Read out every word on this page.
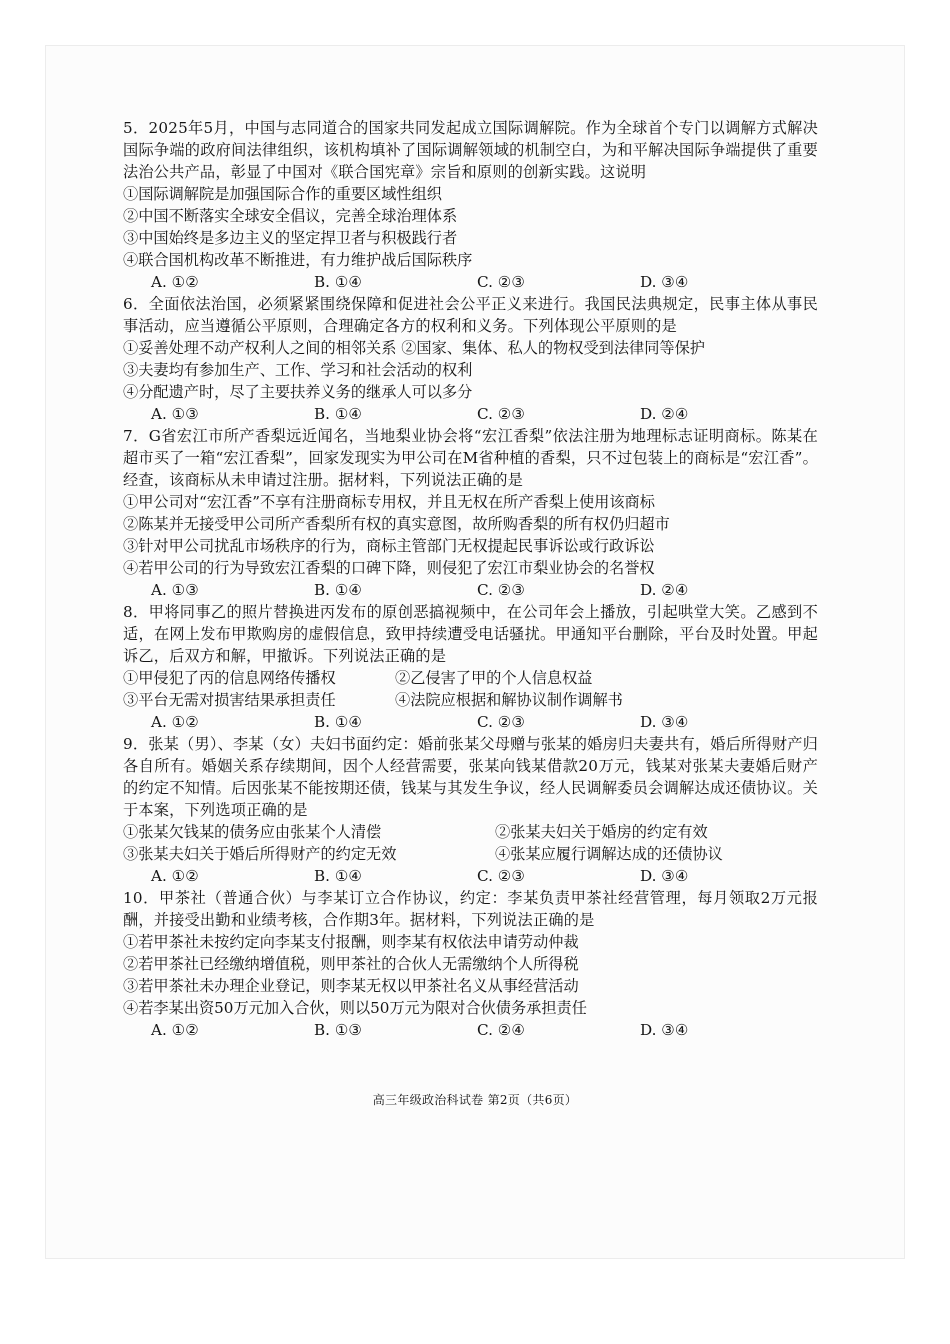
5．2025年5月，中国与志同道合的国家共同发起成立国际调解院。作为全球首个专门以调解方式解决国际争端的政府间法律组织，该机构填补了国际调解领域的机制空白，为和平解决国际争端提供了重要法治公共产品，彰显了中国对《联合国宪章》宗旨和原则的创新实践。这说明

①国际调解院是加强国际合作的重要区域性组织

②中国不断落实全球安全倡议，完善全球治理体系

③中国始终是多边主义的坚定捍卫者与积极践行者

④联合国机构改革不断推进，有力维护战后国际秩序

A. ①②	B. ①④	C. ②③	D. ③④

6．全面依法治国，必须紧紧围绕保障和促进社会公平正义来进行。我国民法典规定，民事主体从事民事活动，应当遵循公平原则，合理确定各方的权利和义务。下列体现公平原则的是

①妥善处理不动产权利人之间的相邻关系 ②国家、集体、私人的物权受到法律同等保护

③夫妻均有参加生产、工作、学习和社会活动的权利

④分配遗产时，尽了主要扶养义务的继承人可以多分

A. ①③	B. ①④	C. ②③	D. ②④

7．G省宏江市所产香梨远近闻名，当地梨业协会将“宏江香梨”依法注册为地理标志证明商标。陈某在超市买了一箱“宏江香梨”，回家发现实为甲公司在M省种植的香梨，只不过包装上的商标是“宏江香”。经查，该商标从未申请过注册。据材料，下列说法正确的是

①甲公司对“宏江香”不享有注册商标专用权，并且无权在所产香梨上使用该商标

②陈某并无接受甲公司所产香梨所有权的真实意图，故所购香梨的所有权仍归超市

③针对甲公司扰乱市场秩序的行为，商标主管部门无权提起民事诉讼或行政诉讼

④若甲公司的行为导致宏江香梨的口碑下降，则侵犯了宏江市梨业协会的名誉权

A. ①③	B. ①④	C. ②③	D. ②④

8．甲将同事乙的照片替换进丙发布的原创恶搞视频中，在公司年会上播放，引起哄堂大笑。乙感到不适，在网上发布甲欺购房的虚假信息，致甲持续遭受电话骚扰。甲通知平台删除，平台及时处置。甲起诉乙，后双方和解，甲撤诉。下列说法正确的是

①甲侵犯了丙的信息网络传播权	②乙侵害了甲的个人信息权益
③平台无需对损害结果承担责任	④法院应根据和解协议制作调解书
A. ①②	B. ①④	C. ②③	D. ③④

9．张某（男）、李某（女）夫妇书面约定：婚前张某父母赠与张某的婚房归夫妻共有，婚后所得财产归各自所有。婚姻关系存续期间，因个人经营需要，张某向钱某借款20万元，钱某对张某夫妻婚后财产的约定不知情。后因张某不能按期还债，钱某与其发生争议，经人民调解委员会调解达成还债协议。关于本案，下列选项正确的是

①张某欠钱某的债务应由张某个人清偿	②张某夫妇关于婚房的约定有效
③张某夫妇关于婚后所得财产的约定无效	④张某应履行调解达成的还债协议
A. ①②	B. ①④	C. ②③	D. ③④

10．甲茶社（普通合伙）与李某订立合作协议，约定：李某负责甲茶社经营管理，每月领取2万元报酬，并接受出勤和业绩考核，合作期3年。据材料，下列说法正确的是

①若甲茶社未按约定向李某支付报酬，则李某有权依法申请劳动仲裁

②若甲茶社已经缴纳增值税，则甲茶社的合伙人无需缴纳个人所得税

③若甲茶社未办理企业登记，则李某无权以甲茶社名义从事经营活动

④若李某出资50万元加入合伙，则以50万元为限对合伙债务承担责任

A. ①②	B. ①③	C. ②④	D. ③④
高三年级政治科试卷 第2页（共6页）
